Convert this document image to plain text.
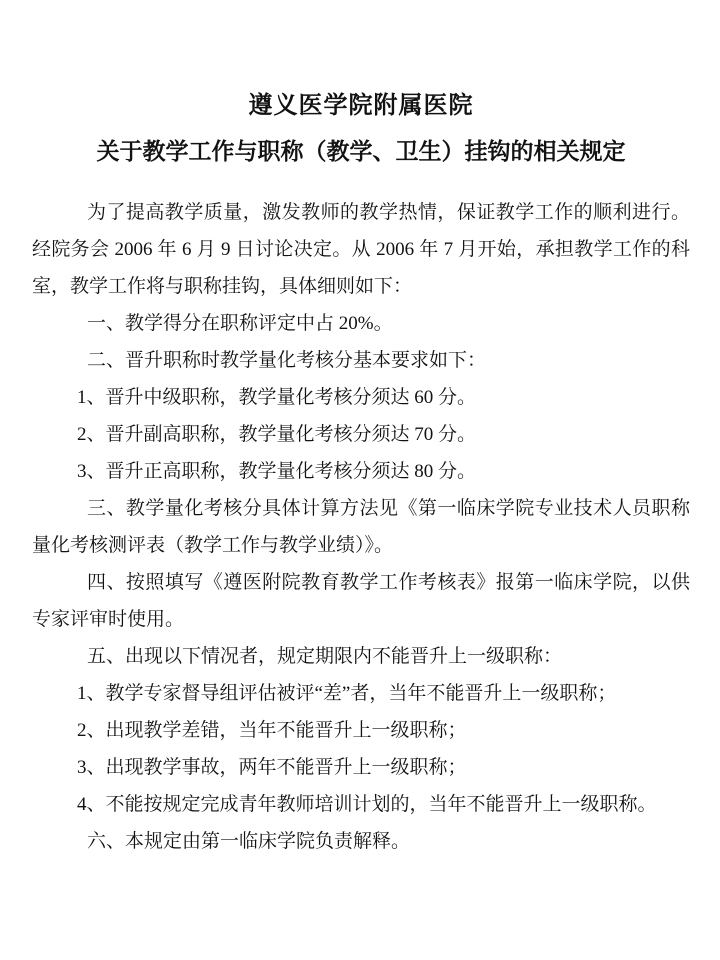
遵义医学院附属医院
关于教学工作与职称（教学、卫生）挂钩的相关规定

为了提高教学质量，激发教师的教学热情，保证教学工作的顺利进行。经院务会 2006 年 6 月 9 日讨论决定。从 2006 年 7 月开始，承担教学工作的科室，教学工作将与职称挂钩，具体细则如下：

一、教学得分在职称评定中占 20%。

二、晋升职称时教学量化考核分基本要求如下：

1、晋升中级职称，教学量化考核分须达 60 分。

2、晋升副高职称，教学量化考核分须达 70 分。

3、晋升正高职称，教学量化考核分须达 80 分。

三、教学量化考核分具体计算方法见《第一临床学院专业技术人员职称量化考核测评表（教学工作与教学业绩）》。

四、按照填写《遵医附院教育教学工作考核表》报第一临床学院，以供专家评审时使用。

五、出现以下情况者，规定期限内不能晋升上一级职称：

1、教学专家督导组评估被评“差”者，当年不能晋升上一级职称；

2、出现教学差错，当年不能晋升上一级职称；

3、出现教学事故，两年不能晋升上一级职称；

4、不能按规定完成青年教师培训计划的，当年不能晋升上一级职称。

六、本规定由第一临床学院负责解释。
